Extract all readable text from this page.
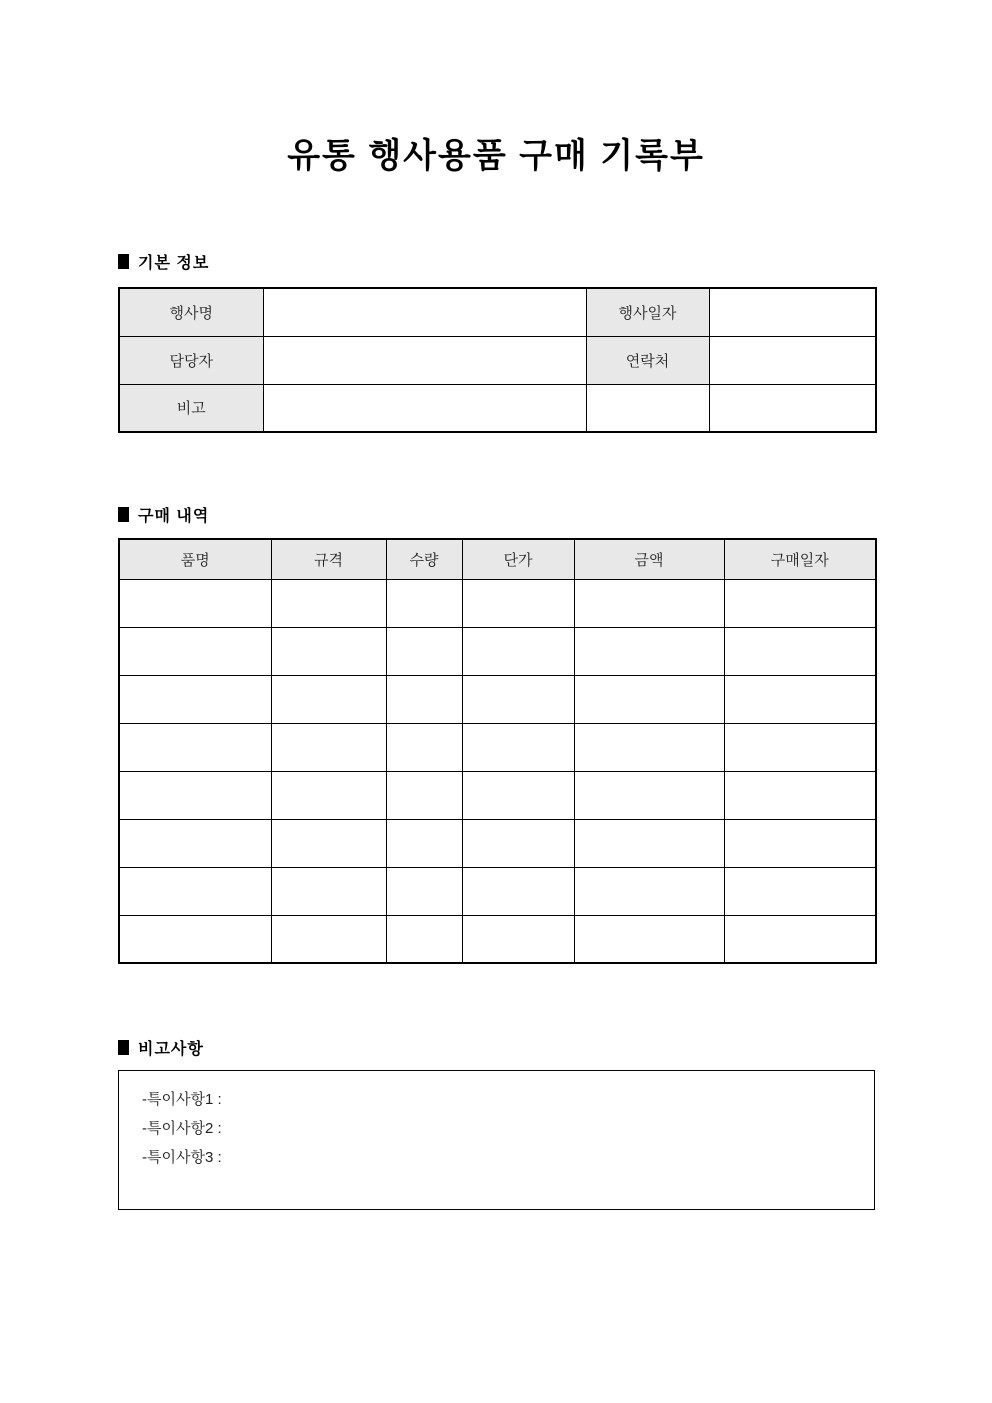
유통 행사용품 구매 기록부
기본 정보
행사명		행사일자	
담당자		연락처	
비고			
구매 내역
품명	규격	수량	단가	금액	구매일자

비고사항
-특이사항1 :
-특이사항2 :
-특이사항3 :
